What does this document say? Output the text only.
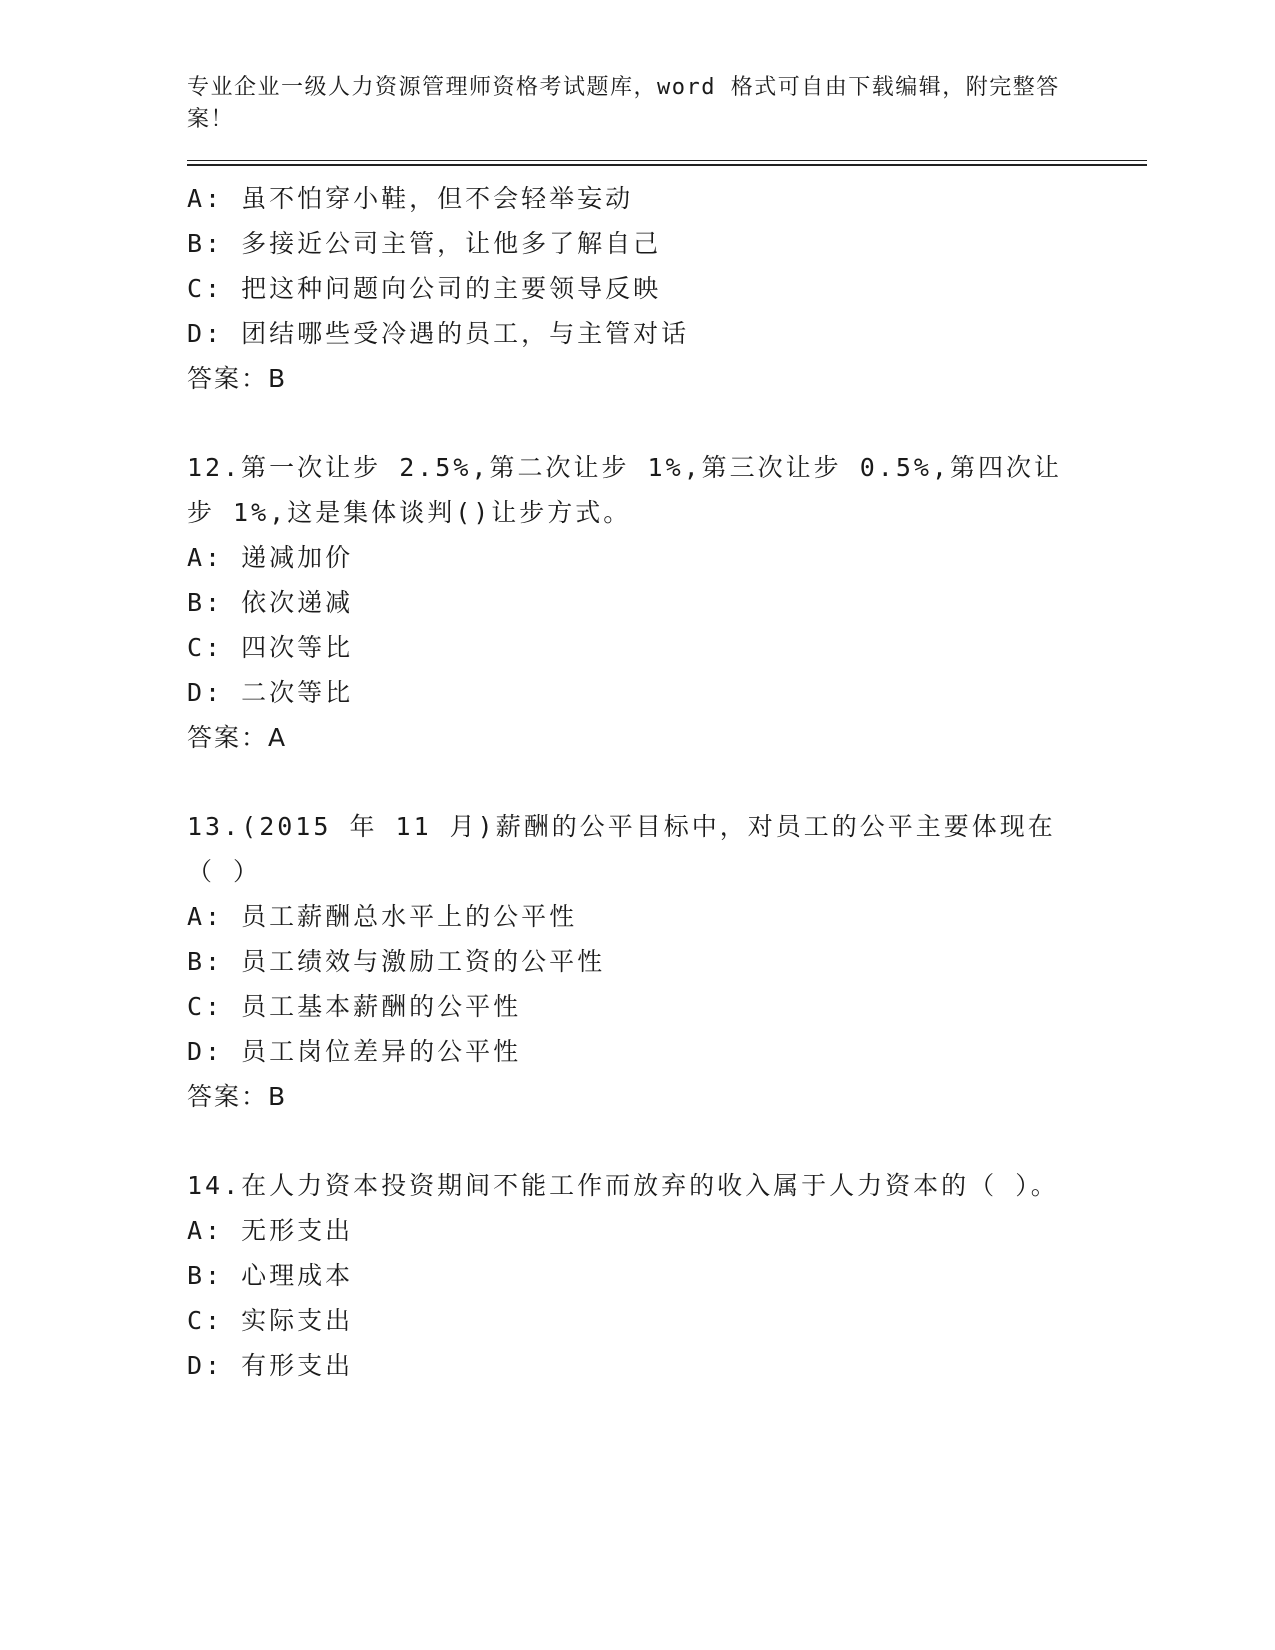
专业企业一级人力资源管理师资格考试题库，word 格式可自由下载编辑，附完整答案！

A: 虽不怕穿小鞋，但不会轻举妄动
B: 多接近公司主管，让他多了解自己
C: 把这种问题向公司的主要领导反映
D: 团结哪些受冷遇的员工，与主管对话
答案：B
12.第一次让步 2.5%,第二次让步 1%,第三次让步 0.5%,第四次让步 1%,这是集体谈判()让步方式。
A: 递减加价
B: 依次递减
C: 四次等比
D: 二次等比
答案：A
13.(2015 年 11 月)薪酬的公平目标中，对员工的公平主要体现在（ ）
A: 员工薪酬总水平上的公平性
B: 员工绩效与激励工资的公平性
C: 员工基本薪酬的公平性
D: 员工岗位差异的公平性
答案：B
14.在人力资本投资期间不能工作而放弃的收入属于人力资本的（ ）。
A: 无形支出
B: 心理成本
C: 实际支出
D: 有形支出
